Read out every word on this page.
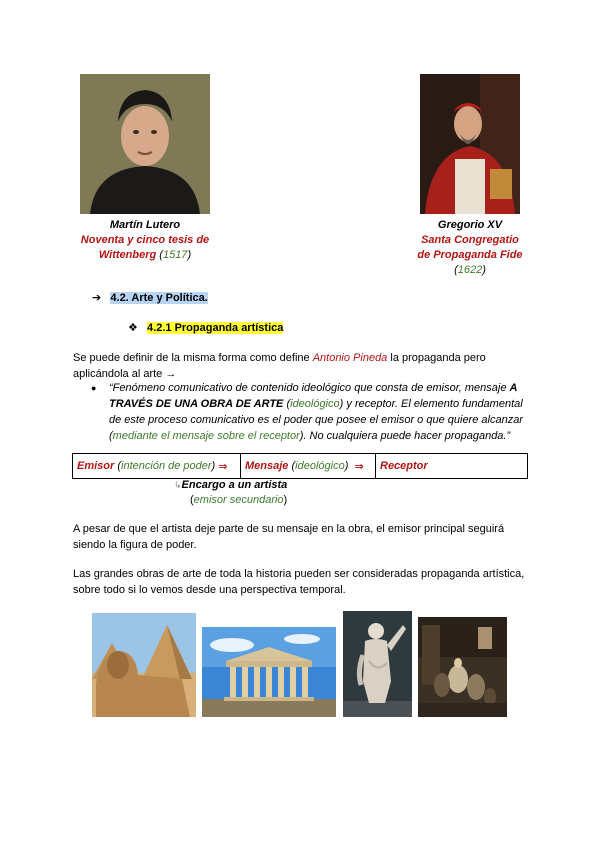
Martín Lutero
Noventa y cinco tesis de
Wittenberg (1517)
Gregorio XV
Santa Congregatio
de Propaganda Fide
(1622)
➔ 4.2. Arte y Política.
❖ 4.2.1 Propaganda artística
Se puede definir de la misma forma como define Antonio Pineda la propaganda pero
aplicándola al arte →
● “Fenómeno comunicativo de contenido ideológico que consta de emisor, mensaje A TRAVÉS DE UNA OBRA DE ARTE (ideológico) y receptor. El elemento fundamental de este proceso comunicativo es el poder que posee el emisor o que quiere alcanzar (mediante el mensaje sobre el receptor). No cualquiera puede hacer propaganda.”
Emisor ( intención de poder ) ⇒ Mensaje ( ideológico ) ⇒ Receptor
↳Encargo a un artista
(emisor secundario)
A pesar de que el artista deje parte de su mensaje en la obra, el emisor principal seguirá
siendo la figura de poder.
Las grandes obras de arte de toda la historia pueden ser consideradas propaganda artística,
sobre todo si lo vemos desde una perspectiva temporal.
